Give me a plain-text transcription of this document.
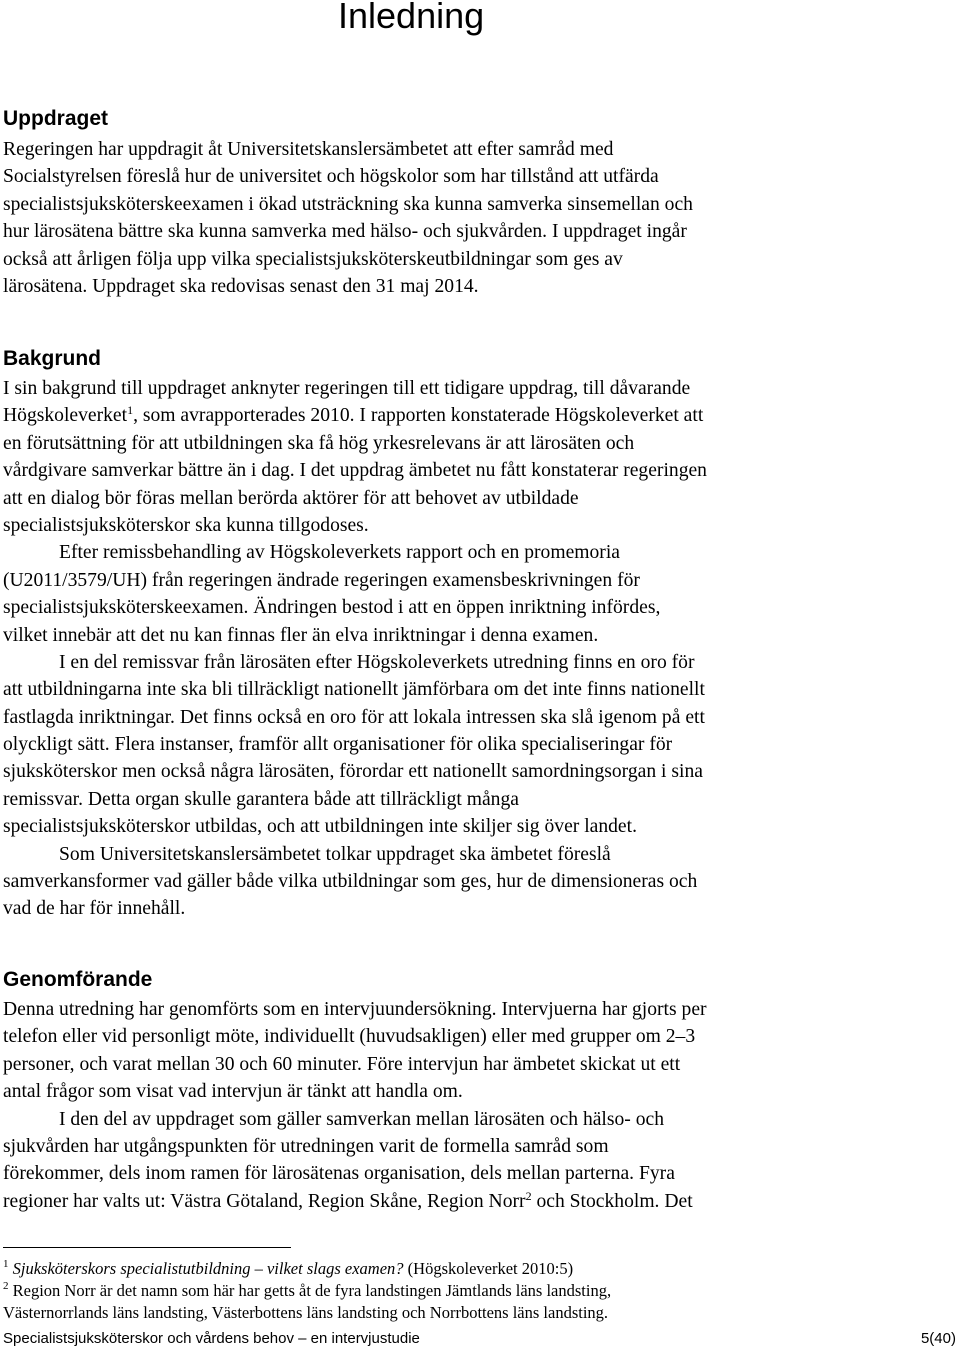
Inledning
Uppdraget
Regeringen har uppdragit åt Universitetskanslersämbetet att efter samråd med
Socialstyrelsen föreslå hur de universitet och högskolor som har tillstånd att utfärda
specialistsjuksköterskeexamen i ökad utsträckning ska kunna samverka sinsemellan och
hur lärosätena bättre ska kunna samverka med hälso- och sjukvården. I uppdraget ingår
också att årligen följa upp vilka specialistsjuksköterskeutbildningar som ges av
lärosätena. Uppdraget ska redovisas senast den 31 maj 2014.
Bakgrund
I sin bakgrund till uppdraget anknyter regeringen till ett tidigare uppdrag, till dåvarande
Högskoleverket$^1$, som avrapporterades 2010. I rapporten konstaterade Högskoleverket att
en förutsättning för att utbildningen ska få hög yrkesrelevans är att lärosäten och
vårdgivare samverkar bättre än i dag. I det uppdrag ämbetet nu fått konstaterar regeringen
att en dialog bör föras mellan berörda aktörer för att behovet av utbildade
specialistsjuksköterskor ska kunna tillgodoses.
Efter remissbehandling av Högskoleverkets rapport och en promemoria
(U2011/3579/UH) från regeringen ändrade regeringen examensbeskrivningen för
specialistsjuksköterskeexamen. Ändringen bestod i att en öppen inriktning infördes,
vilket innebär att det nu kan finnas fler än elva inriktningar i denna examen.
I en del remissvar från lärosäten efter Högskoleverkets utredning finns en oro för
att utbildningarna inte ska bli tillräckligt nationellt jämförbara om det inte finns nationellt
fastlagda inriktningar. Det finns också en oro för att lokala intressen ska slå igenom på ett
olyckligt sätt. Flera instanser, framför allt organisationer för olika specialiseringar för
sjuksköterskor men också några lärosäten, förordar ett nationellt samordningsorgan i sina
remissvar. Detta organ skulle garantera både att tillräckligt många
specialistsjuksköterskor utbildas, och att utbildningen inte skiljer sig över landet.
Som Universitetskanslersämbetet tolkar uppdraget ska ämbetet föreslå
samverkansformer vad gäller både vilka utbildningar som ges, hur de dimensioneras och
vad de har för innehåll.
Genomförande
Denna utredning har genomförts som en intervjuundersökning. Intervjuerna har gjorts per
telefon eller vid personligt möte, individuellt (huvudsakligen) eller med grupper om 2–3
personer, och varat mellan 30 och 60 minuter. Före intervjun har ämbetet skickat ut ett
antal frågor som visat vad intervjun är tänkt att handla om.
I den del av uppdraget som gäller samverkan mellan lärosäten och hälso- och
sjukvården har utgångspunkten för utredningen varit de formella samråd som
förekommer, dels inom ramen för lärosätenas organisation, dels mellan parterna. Fyra
regioner har valts ut: Västra Götaland, Region Skåne, Region Norr$^2$ och Stockholm. Det
$^1$ Sjuksköterskors specialistutbildning – vilket slags examen? (Högskoleverket 2010:5)
$^2$ Region Norr är det namn som här har getts åt de fyra landstingen Jämtlands läns landsting,
Västernorrlands läns landsting, Västerbottens läns landsting och Norrbottens läns landsting.
Specialistsjuksköterskor och vårdens behov – en intervjustudie	5(40)
